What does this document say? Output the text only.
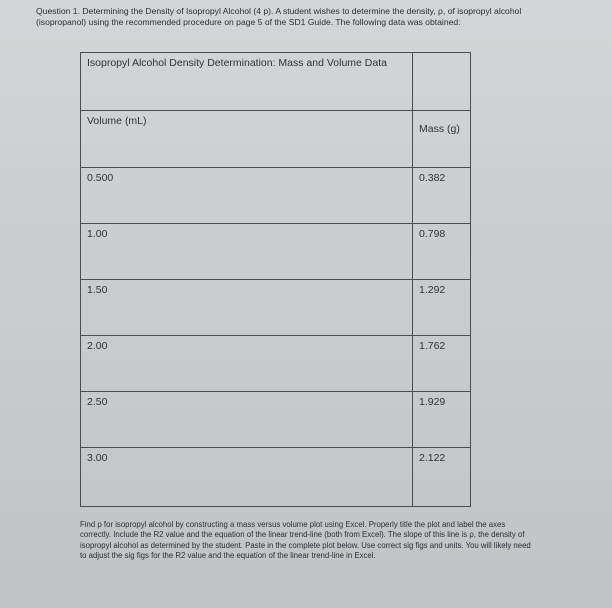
Question 1. Determining the Density of Isopropyl Alcohol (4 p). A student wishes to determine the density, ρ, of isopropyl alcohol
(isopropanol) using the recommended procedure on page 5 of the SD1 Guide. The following data was obtained:
Isopropyl Alcohol Density Determination: Mass and Volume Data	
Volume (mL)	Mass (g)
0.500	0.382
1.00	0.798
1.50	1.292
2.00	1.762
2.50	1.929
3.00	2.122
Find ρ for isopropyl alcohol by constructing a mass versus volume plot using Excel. Properly title the plot and label the axes
correctly. Include the R2 value and the equation of the linear trend-line (both from Excel). The slope of this line is ρ, the density of
isopropyl alcohol as determined by the student. Paste in the complete plot below. Use correct sig figs and units. You will likely need
to adjust the sig figs for the R2 value and the equation of the linear trend-line in Excel.
